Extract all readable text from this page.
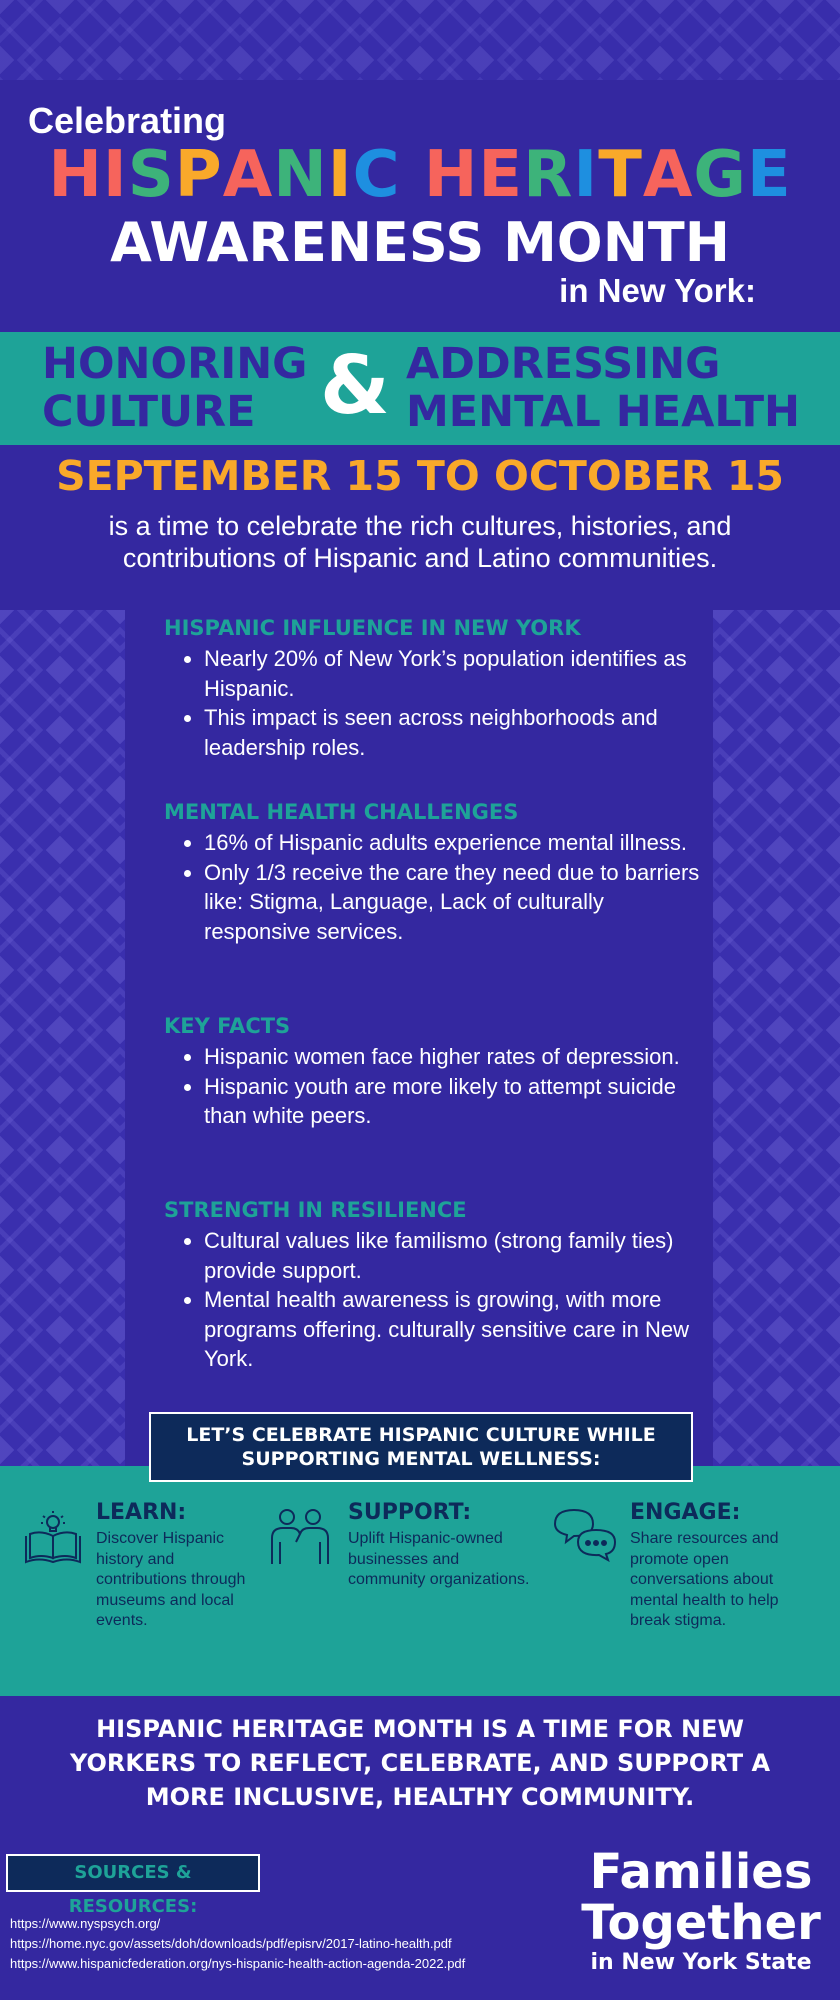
Celebrating
HISPANIC HERITAGE
AWARENESS MONTH
in New York:
HONORING
CULTURE & ADDRESSING
MENTAL HEALTH
SEPTEMBER 15 TO OCTOBER 15
is a time to celebrate the rich cultures, histories, and contributions of Hispanic and Latino communities.
HISPANIC INFLUENCE IN NEW YORK
• Nearly 20% of New York’s population identifies as Hispanic.
• This impact is seen across neighborhoods and leadership roles.
MENTAL HEALTH CHALLENGES
• 16% of Hispanic adults experience mental illness.
• Only 1/3 receive the care they need due to barriers like: Stigma, Language, Lack of culturally responsive services.
KEY FACTS
• Hispanic women face higher rates of depression.
• Hispanic youth are more likely to attempt suicide than white peers.
STRENGTH IN RESILIENCE
• Cultural values like familismo (strong family ties) provide support.
• Mental health awareness is growing, with more programs offering. culturally sensitive care in New York.
LET’S CELEBRATE HISPANIC CULTURE WHILE
SUPPORTING MENTAL WELLNESS:
LEARN:

Discover Hispanic history and contributions through museums and local events.

SUPPORT:

Uplift Hispanic-owned businesses and community organizations.

ENGAGE:

Share resources and promote open conversations about mental health to help break stigma.

HISPANIC HERITAGE MONTH IS A TIME FOR NEW YORKERS TO REFLECT, CELEBRATE, AND SUPPORT A MORE INCLUSIVE, HEALTHY COMMUNITY.
SOURCES & RESOURCES:
https://www.nyspsych.org/
https://home.nyc.gov/assets/doh/downloads/pdf/episrv/2017-latino-health.pdf
https://www.hispanicfederation.org/nys-hispanic-health-action-agenda-2022.pdf
Families
Together
in New York State
